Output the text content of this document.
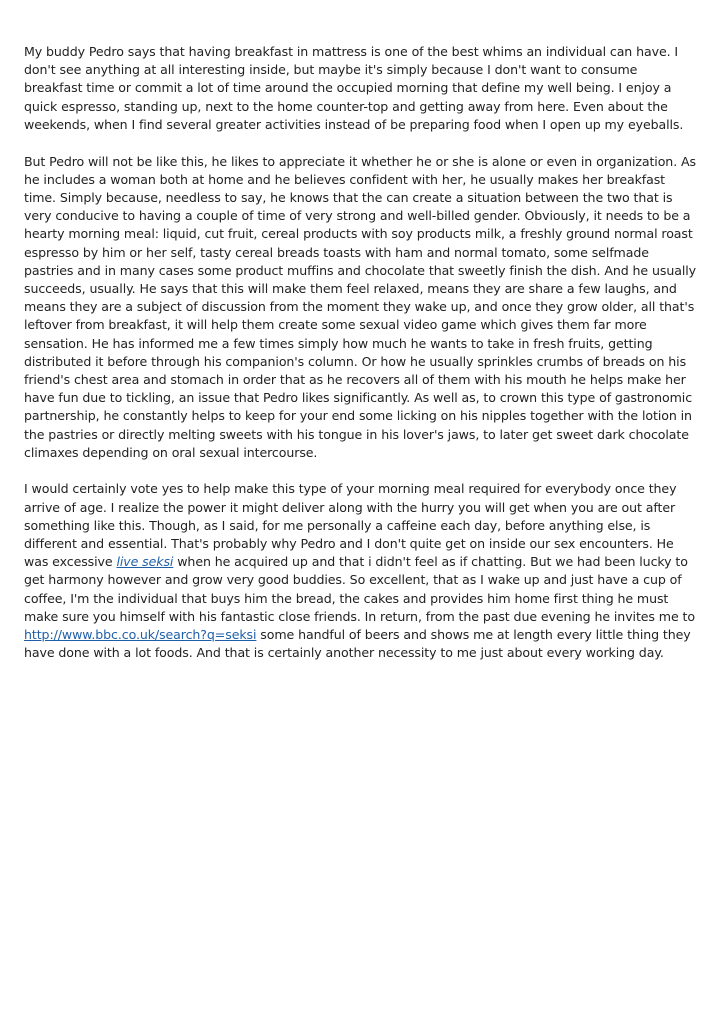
My buddy Pedro says that having breakfast in mattress is one of the best whims an individual can have. I don't see anything at all interesting inside, but maybe it's simply because I don't want to consume breakfast time or commit a lot of time around the occupied morning that define my well being. I enjoy a quick espresso, standing up, next to the home counter-top and getting away from here. Even about the weekends, when I find several greater activities instead of be preparing food when I open up my eyeballs.

But Pedro will not be like this, he likes to appreciate it whether he or she is alone or even in organization. As he includes a woman both at home and he believes confident with her, he usually makes her breakfast time. Simply because, needless to say, he knows that the can create a situation between the two that is very conducive to having a couple of time of very strong and well-billed gender. Obviously, it needs to be a hearty morning meal: liquid, cut fruit, cereal products with soy products milk, a freshly ground normal roast espresso by him or her self, tasty cereal breads toasts with ham and normal tomato, some selfmade pastries and in many cases some product muffins and chocolate that sweetly finish the dish. And he usually succeeds, usually. He says that this will make them feel relaxed, means they are share a few laughs, and means they are a subject of discussion from the moment they wake up, and once they grow older, all that's leftover from breakfast, it will help them create some sexual video game which gives them far more sensation. He has informed me a few times simply how much he wants to take in fresh fruits, getting distributed it before through his companion's column. Or how he usually sprinkles crumbs of breads on his friend's chest area and stomach in order that as he recovers all of them with his mouth he helps make her have fun due to tickling, an issue that Pedro likes significantly. As well as, to crown this type of gastronomic partnership, he constantly helps to keep for your end some licking on his nipples together with the lotion in the pastries or directly melting sweets with his tongue in his lover's jaws, to later get sweet dark chocolate climaxes depending on oral sexual intercourse.

I would certainly vote yes to help make this type of your morning meal required for everybody once they arrive of age. I realize the power it might deliver along with the hurry you will get when you are out after something like this. Though, as I said, for me personally a caffeine each day, before anything else, is different and essential. That's probably why Pedro and I don't quite get on inside our sex encounters. He was excessive live seksi when he acquired up and that i didn't feel as if chatting. But we had been lucky to get harmony however and grow very good buddies. So excellent, that as I wake up and just have a cup of coffee, I'm the individual that buys him the bread, the cakes and provides him home first thing he must make sure you himself with his fantastic close friends. In return, from the past due evening he invites me to http://www.bbc.co.uk/search?q=seksi some handful of beers and shows me at length every little thing they have done with a lot foods. And that is certainly another necessity to me just about every working day.
